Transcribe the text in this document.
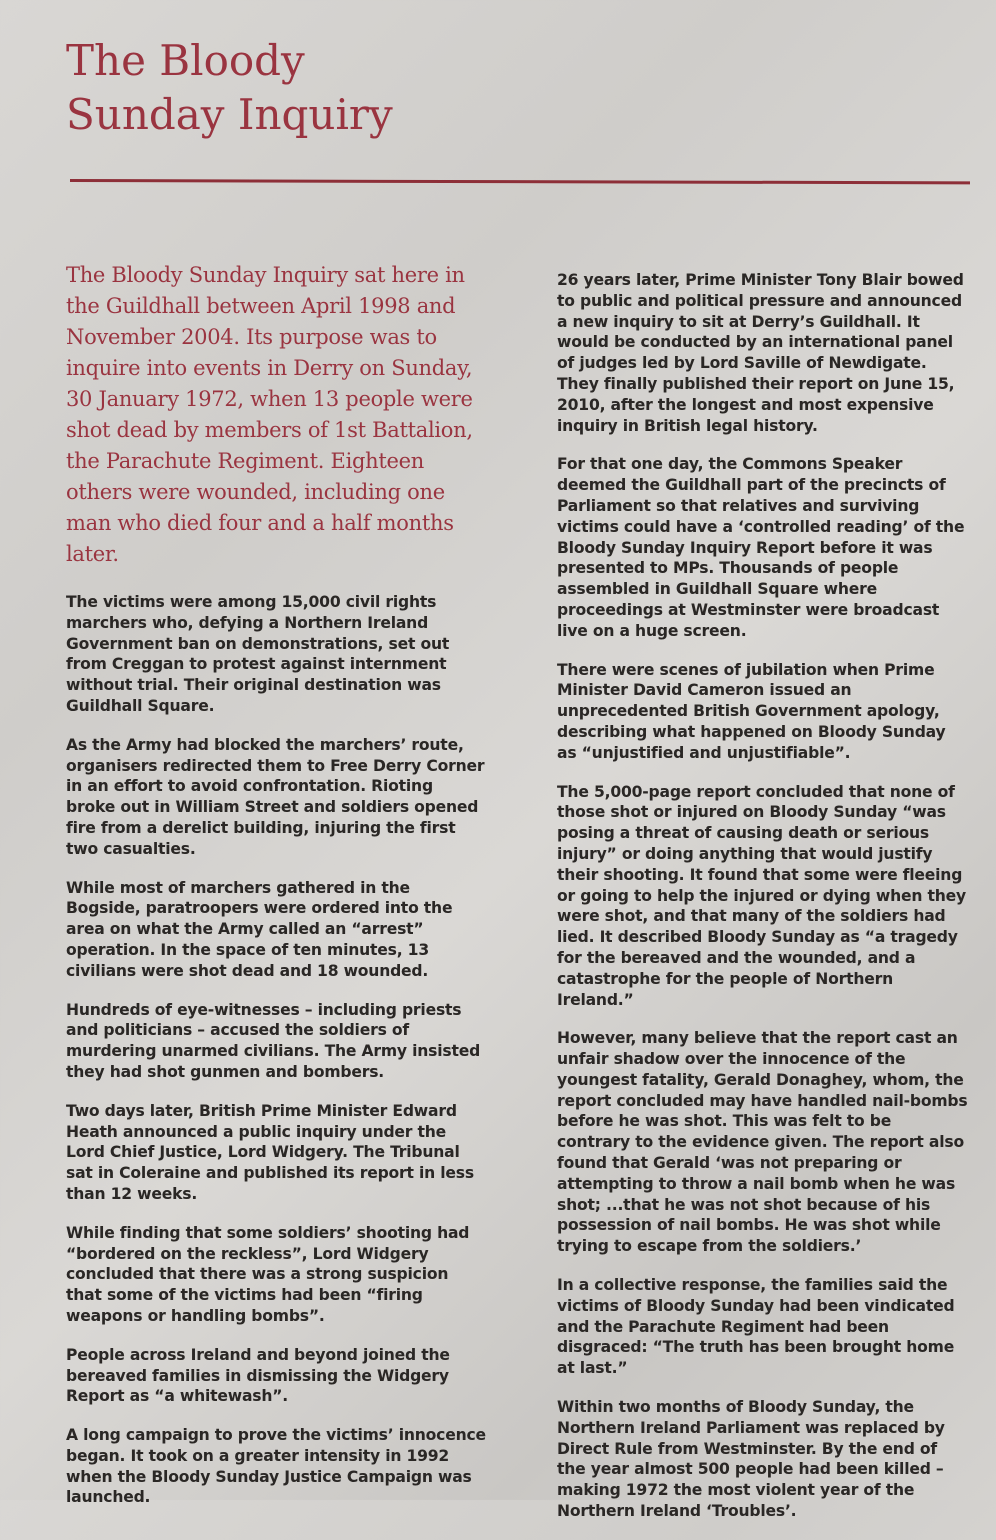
The Bloody
Sunday Inquiry

The Bloody Sunday Inquiry sat here in the Guildhall between April 1998 and November 2004. Its purpose was to inquire into events in Derry on Sunday, 30 January 1972, when 13 people were shot dead by members of 1st Battalion, the Parachute Regiment. Eighteen others were wounded, including one man who died four and a half months later.

The victims were among 15,000 civil rights marchers who, defying a Northern Ireland Government ban on demonstrations, set out from Creggan to protest against internment without trial. Their original destination was Guildhall Square.

As the Army had blocked the marchers’ route, organisers redirected them to Free Derry Corner in an effort to avoid confrontation. Rioting broke out in William Street and soldiers opened fire from a derelict building, injuring the first two casualties.

While most of marchers gathered in the Bogside, paratroopers were ordered into the area on what the Army called an “arrest” operation. In the space of ten minutes, 13 civilians were shot dead and 18 wounded.

Hundreds of eye-witnesses – including priests and politicians – accused the soldiers of murdering unarmed civilians. The Army insisted they had shot gunmen and bombers.

Two days later, British Prime Minister Edward Heath announced a public inquiry under the Lord Chief Justice, Lord Widgery. The Tribunal sat in Coleraine and published its report in less than 12 weeks.

While finding that some soldiers’ shooting had “bordered on the reckless”, Lord Widgery concluded that there was a strong suspicion that some of the victims had been “firing weapons or handling bombs”.

People across Ireland and beyond joined the bereaved families in dismissing the Widgery Report as “a whitewash”.

A long campaign to prove the victims’ innocence began. It took on a greater intensity in 1992 when the Bloody Sunday Justice Campaign was launched.

26 years later, Prime Minister Tony Blair bowed to public and political pressure and announced a new inquiry to sit at Derry’s Guildhall. It would be conducted by an international panel of judges led by Lord Saville of Newdigate. They finally published their report on June 15, 2010, after the longest and most expensive inquiry in British legal history.

For that one day, the Commons Speaker deemed the Guildhall part of the precincts of Parliament so that relatives and surviving victims could have a ‘controlled reading’ of the Bloody Sunday Inquiry Report before it was presented to MPs. Thousands of people assembled in Guildhall Square where proceedings at Westminster were broadcast live on a huge screen.

There were scenes of jubilation when Prime Minister David Cameron issued an unprecedented British Government apology, describing what happened on Bloody Sunday as “unjustified and unjustifiable”.

The 5,000-page report concluded that none of those shot or injured on Bloody Sunday “was posing a threat of causing death or serious injury” or doing anything that would justify their shooting. It found that some were fleeing or going to help the injured or dying when they were shot, and that many of the soldiers had lied. It described Bloody Sunday as “a tragedy for the bereaved and the wounded, and a catastrophe for the people of Northern Ireland.”

However, many believe that the report cast an unfair shadow over the innocence of the youngest fatality, Gerald Donaghey, whom, the report concluded may have handled nail-bombs before he was shot. This was felt to be contrary to the evidence given. The report also found that Gerald ‘was not preparing or attempting to throw a nail bomb when he was shot; ...that he was not shot because of his possession of nail bombs. He was shot while trying to escape from the soldiers.’

In a collective response, the families said the victims of Bloody Sunday had been vindicated and the Parachute Regiment had been disgraced: “The truth has been brought home at last.”

Within two months of Bloody Sunday, the Northern Ireland Parliament was replaced by Direct Rule from Westminster. By the end of the year almost 500 people had been killed – making 1972 the most violent year of the Northern Ireland ‘Troubles’.
